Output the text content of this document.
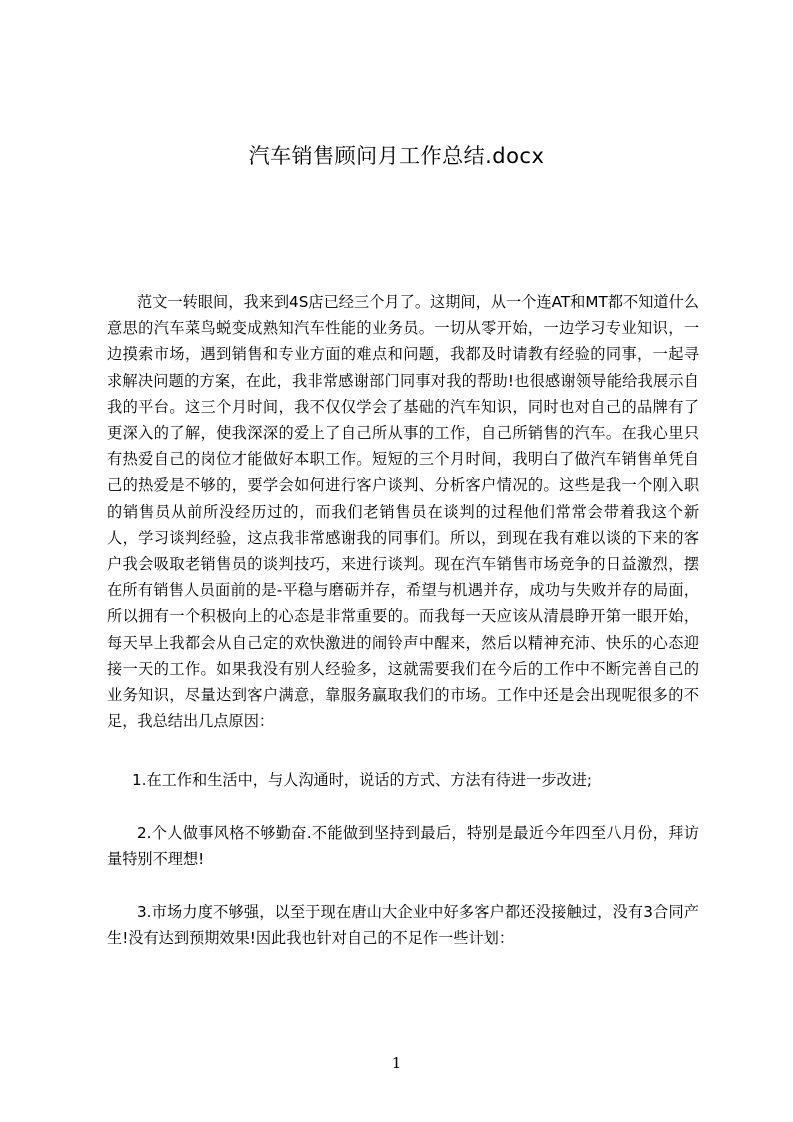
汽车销售顾问月工作总结.docx

范文一转眼间，我来到4S店已经三个月了。这期间，从一个连AT和MT都不知道什么意思的汽车菜鸟蜕变成熟知汽车性能的业务员。一切从零开始，一边学习专业知识，一边摸索市场，遇到销售和专业方面的难点和问题，我都及时请教有经验的同事，一起寻求解决问题的方案，在此，我非常感谢部门同事对我的帮助!也很感谢领导能给我展示自我的平台。这三个月时间，我不仅仅学会了基础的汽车知识，同时也对自己的品牌有了更深入的了解，使我深深的爱上了自己所从事的工作，自己所销售的汽车。在我心里只有热爱自己的岗位才能做好本职工作。短短的三个月时间，我明白了做汽车销售单凭自己的热爱是不够的，要学会如何进行客户谈判、分析客户情况的。这些是我一个刚入职的销售员从前所没经历过的，而我们老销售员在谈判的过程他们常常会带着我这个新人，学习谈判经验，这点我非常感谢我的同事们。所以，到现在我有难以谈的下来的客户我会吸取老销售员的谈判技巧，来进行谈判。现在汽车销售市场竞争的日益激烈，摆在所有销售人员面前的是-平稳与磨砺并存，希望与机遇并存，成功与失败并存的局面，所以拥有一个积极向上的心态是非常重要的。而我每一天应该从清晨睁开第一眼开始，每天早上我都会从自己定的欢快激进的闹铃声中醒来，然后以精神充沛、快乐的心态迎接一天的工作。如果我没有别人经验多，这就需要我们在今后的工作中不断完善自己的业务知识，尽量达到客户满意，靠服务赢取我们的市场。工作中还是会出现呢很多的不足，我总结出几点原因：

1.在工作和生活中，与人沟通时，说话的方式、方法有待进一步改进;

2.个人做事风格不够勤奋.不能做到坚持到最后，特别是最近今年四至八月份，拜访量特别不理想!

3.市场力度不够强，以至于现在唐山大企业中好多客户都还没接触过，没有3合同产生!没有达到预期效果!因此我也针对自己的不足作一些计划：

1
